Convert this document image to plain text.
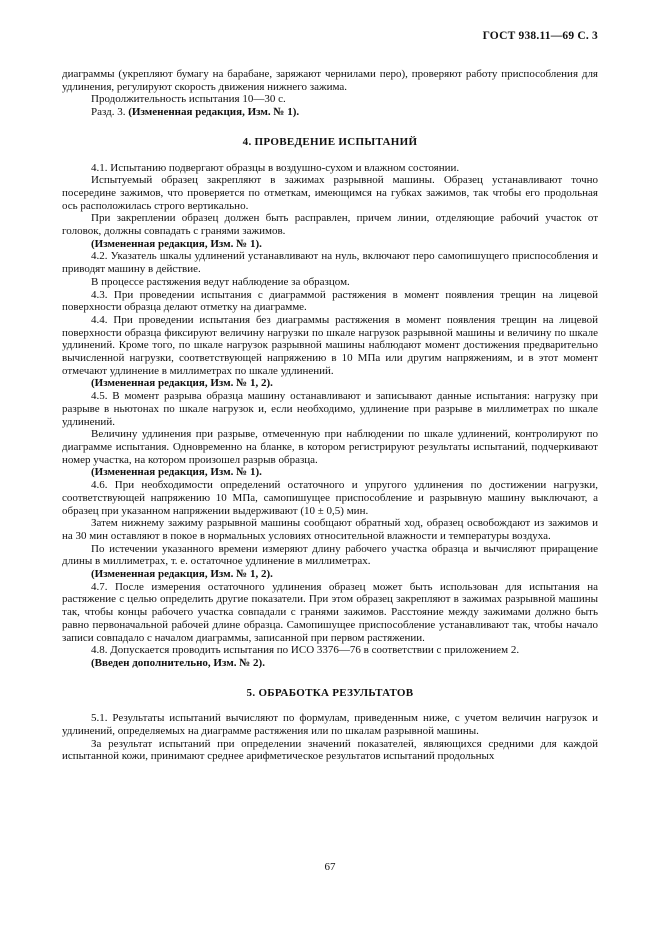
ГОСТ 938.11—69 С. 3

диаграммы (укрепляют бумагу на барабане, заряжают чернилами перо), проверяют работу приспособления для удлинения, регулируют скорость движения нижнего зажима.

Продолжительность испытания 10—30 с.

Разд. 3. (Измененная редакция, Изм. № 1).

4. ПРОВЕДЕНИЕ ИСПЫТАНИЙ

4.1. Испытанию подвергают образцы в воздушно-сухом и влажном состоянии.

Испытуемый образец закрепляют в зажимах разрывной машины. Образец устанавливают точно посередине зажимов, что проверяется по отметкам, имеющимся на губках зажимов, так чтобы его продольная ось расположилась строго вертикально.

При закреплении образец должен быть расправлен, причем линии, отделяющие рабочий участок от головок, должны совпадать с гранями зажимов.

(Измененная редакция, Изм. № 1).

4.2. Указатель шкалы удлинений устанавливают на нуль, включают перо самопишущего приспособления и приводят машину в действие.

В процессе растяжения ведут наблюдение за образцом.

4.3. При проведении испытания с диаграммой растяжения в момент появления трещин на лицевой поверхности образца делают отметку на диаграмме.

4.4. При проведении испытания без диаграммы растяжения в момент появления трещин на лицевой поверхности образца фиксируют величину нагрузки по шкале нагрузок разрывной машины и величину по шкале удлинений. Кроме того, по шкале нагрузок разрывной машины наблюдают момент достижения предварительно вычисленной нагрузки, соответствующей напряжению в 10 МПа или другим напряжениям, и в этот момент отмечают удлинение в миллиметрах по шкале удлинений.

(Измененная редакция, Изм. № 1, 2).

4.5. В момент разрыва образца машину останавливают и записывают данные испытания: нагрузку при разрыве в ньютонах по шкале нагрузок и, если необходимо, удлинение при разрыве в миллиметрах по шкале удлинений.

Величину удлинения при разрыве, отмеченную при наблюдении по шкале удлинений, контролируют по диаграмме испытания. Одновременно на бланке, в котором регистрируют результаты испытаний, подчеркивают номер участка, на котором произошел разрыв образца.

(Измененная редакция, Изм. № 1).

4.6. При необходимости определений остаточного и упругого удлинения по достижении нагрузки, соответствующей напряжению 10 МПа, самопишущее приспособление и разрывную машину выключают, а образец при указанном напряжении выдерживают (10 ± 0,5) мин.

Затем нижнему зажиму разрывной машины сообщают обратный ход, образец освобождают из зажимов и на 30 мин оставляют в покое в нормальных условиях относительной влажности и температуры воздуха.

По истечении указанного времени измеряют длину рабочего участка образца и вычисляют приращение длины в миллиметрах, т. е. остаточное удлинение в миллиметрах.

(Измененная редакция, Изм. № 1, 2).

4.7. После измерения остаточного удлинения образец может быть использован для испытания на растяжение с целью определить другие показатели. При этом образец закрепляют в зажимах разрывной машины так, чтобы концы рабочего участка совпадали с гранями зажимов. Расстояние между зажимами должно быть равно первоначальной рабочей длине образца. Самопишущее приспособление устанавливают так, чтобы начало записи совпадало с началом диаграммы, записанной при первом растяжении.

4.8. Допускается проводить испытания по ИСО 3376—76 в соответствии с приложением 2.

(Введен дополнительно, Изм. № 2).

5. ОБРАБОТКА РЕЗУЛЬТАТОВ

5.1. Результаты испытаний вычисляют по формулам, приведенным ниже, с учетом величин нагрузок и удлинений, определяемых на диаграмме растяжения или по шкалам разрывной машины.

За результат испытаний при определении значений показателей, являющихся средними для каждой испытанной кожи, принимают среднее арифметическое результатов испытаний продольных

67
